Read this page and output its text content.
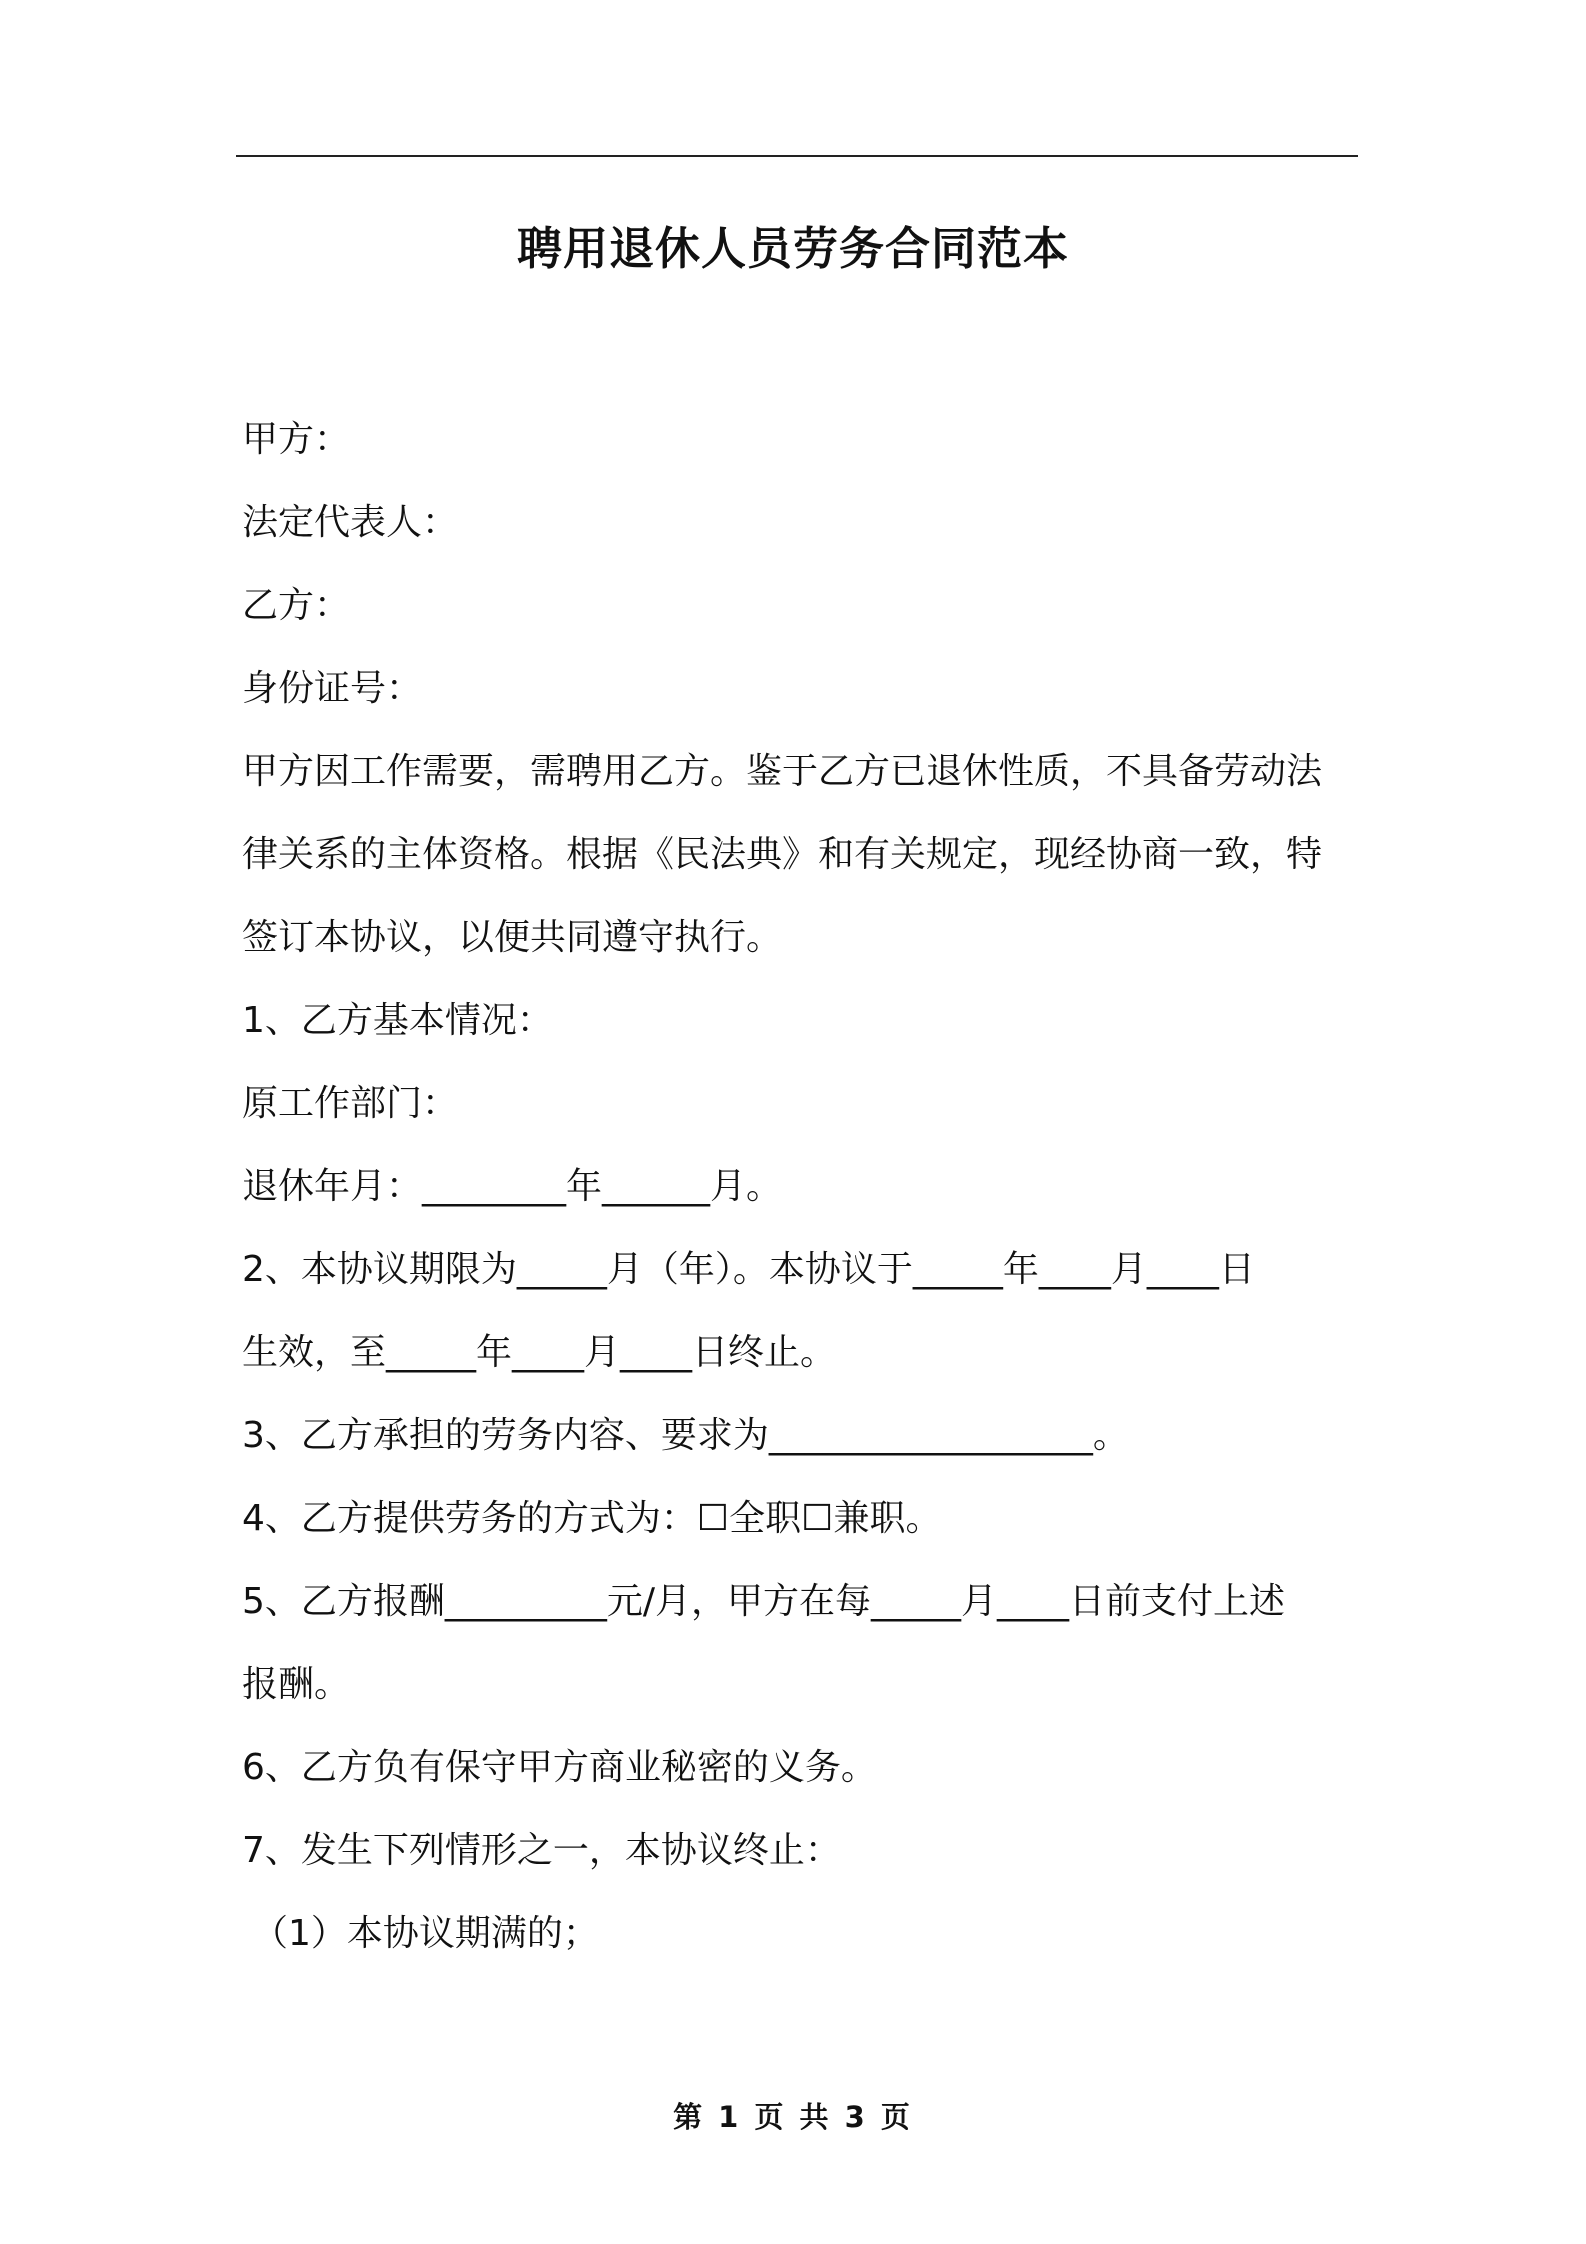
聘用退休人员劳务合同范本
甲方：
法定代表人：
乙方：
身份证号：
甲方因工作需要，需聘用乙方。鉴于乙方已退休性质，不具备劳动法
律关系的主体资格。根据《民法典》和有关规定，现经协商一致，特
签订本协议，以便共同遵守执行。
1、乙方基本情况：
原工作部门：
退休年月：________年______月。
2、本协议期限为_____月（年）。本协议于_____年____月____日
生效，至_____年____月____日终止。
3、乙方承担的劳务内容、要求为__________________。
4、乙方提供劳务的方式为：☐全职☐兼职。
5、乙方报酬_________元/月，甲方在每_____月____日前支付上述
报酬。
6、乙方负有保守甲方商业秘密的义务。
7、发生下列情形之一，本协议终止：
（1）本协议期满的；
第 1 页 共 3 页
